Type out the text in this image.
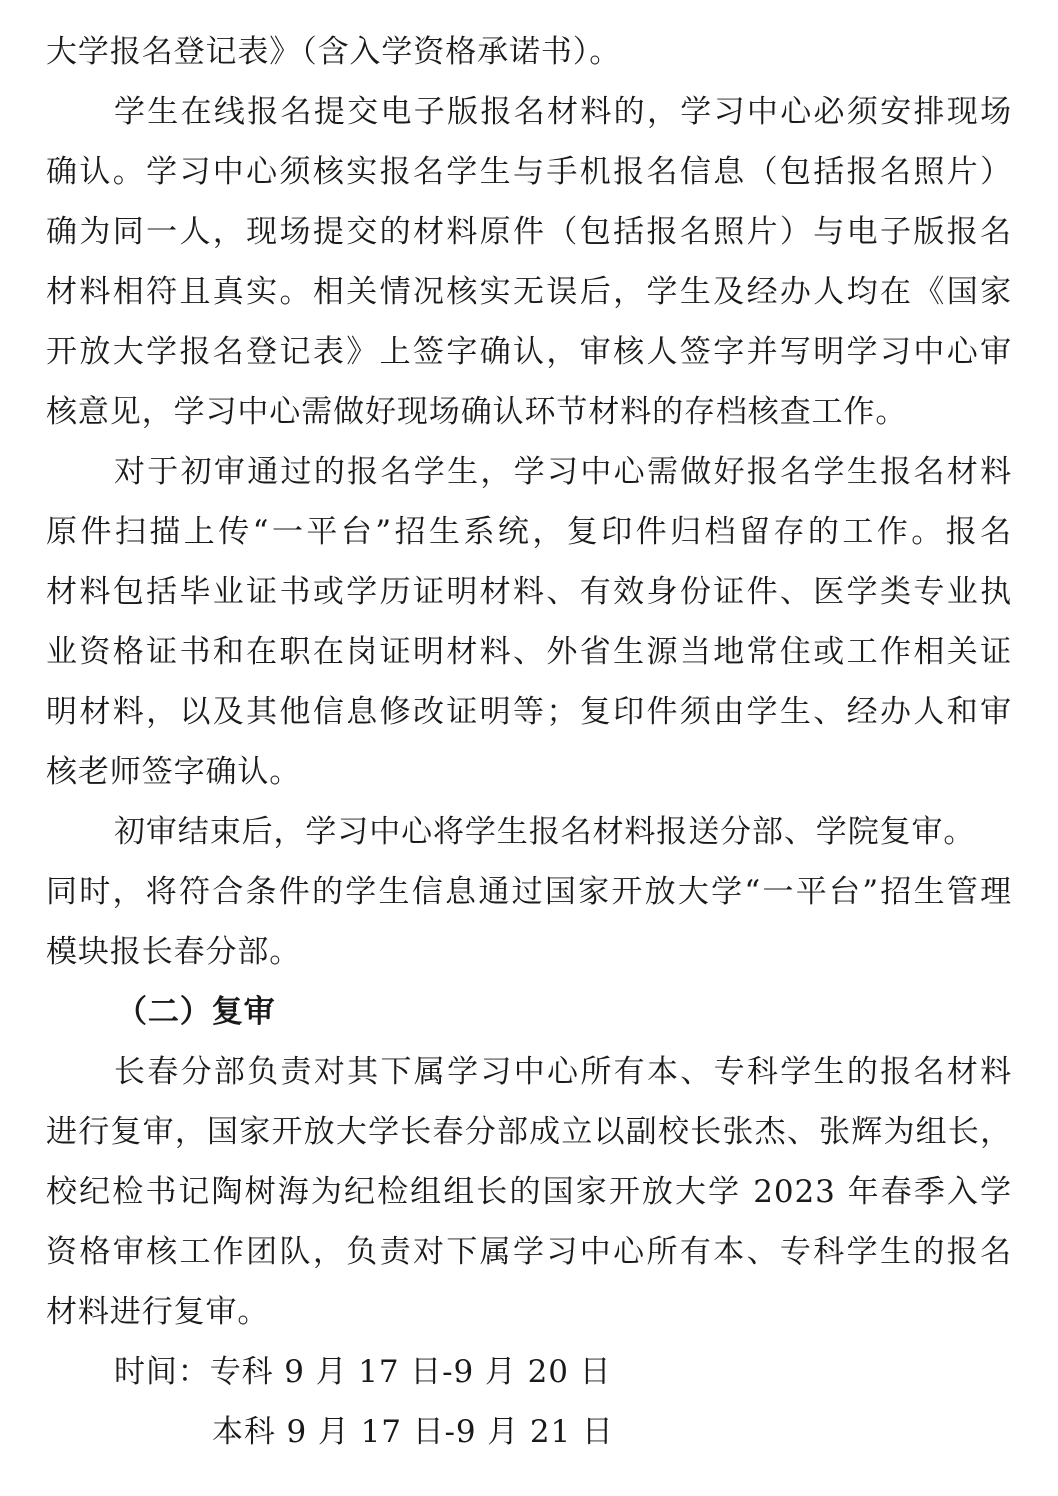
大学报名登记表》（含入学资格承诺书）。
学生在线报名提交电子版报名材料的，学习中心必须安排现场
确认。学习中心须核实报名学生与手机报名信息（包括报名照片）
确为同一人，现场提交的材料原件（包括报名照片）与电子版报名
材料相符且真实。相关情况核实无误后，学生及经办人均在《国家
开放大学报名登记表》上签字确认，审核人签字并写明学习中心审
核意见，学习中心需做好现场确认环节材料的存档核查工作。
对于初审通过的报名学生，学习中心需做好报名学生报名材料
原件扫描上传“一平台”招生系统，复印件归档留存的工作。报名
材料包括毕业证书或学历证明材料、有效身份证件、医学类专业执
业资格证书和在职在岗证明材料、外省生源当地常住或工作相关证
明材料，以及其他信息修改证明等；复印件须由学生、经办人和审
核老师签字确认。
初审结束后，学习中心将学生报名材料报送分部、学院复审。
同时，将符合条件的学生信息通过国家开放大学“一平台”招生管理
模块报长春分部。
（二）复审
长春分部负责对其下属学习中心所有本、专科学生的报名材料
进行复审，国家开放大学长春分部成立以副校长张杰、张辉为组长，
校纪检书记陶树海为纪检组组长的国家开放大学 2023 年春季入学
资格审核工作团队，负责对下属学习中心所有本、专科学生的报名
材料进行复审。
时间：专科 9 月 17 日-9 月 20 日
本科 9 月 17 日-9 月 21 日
